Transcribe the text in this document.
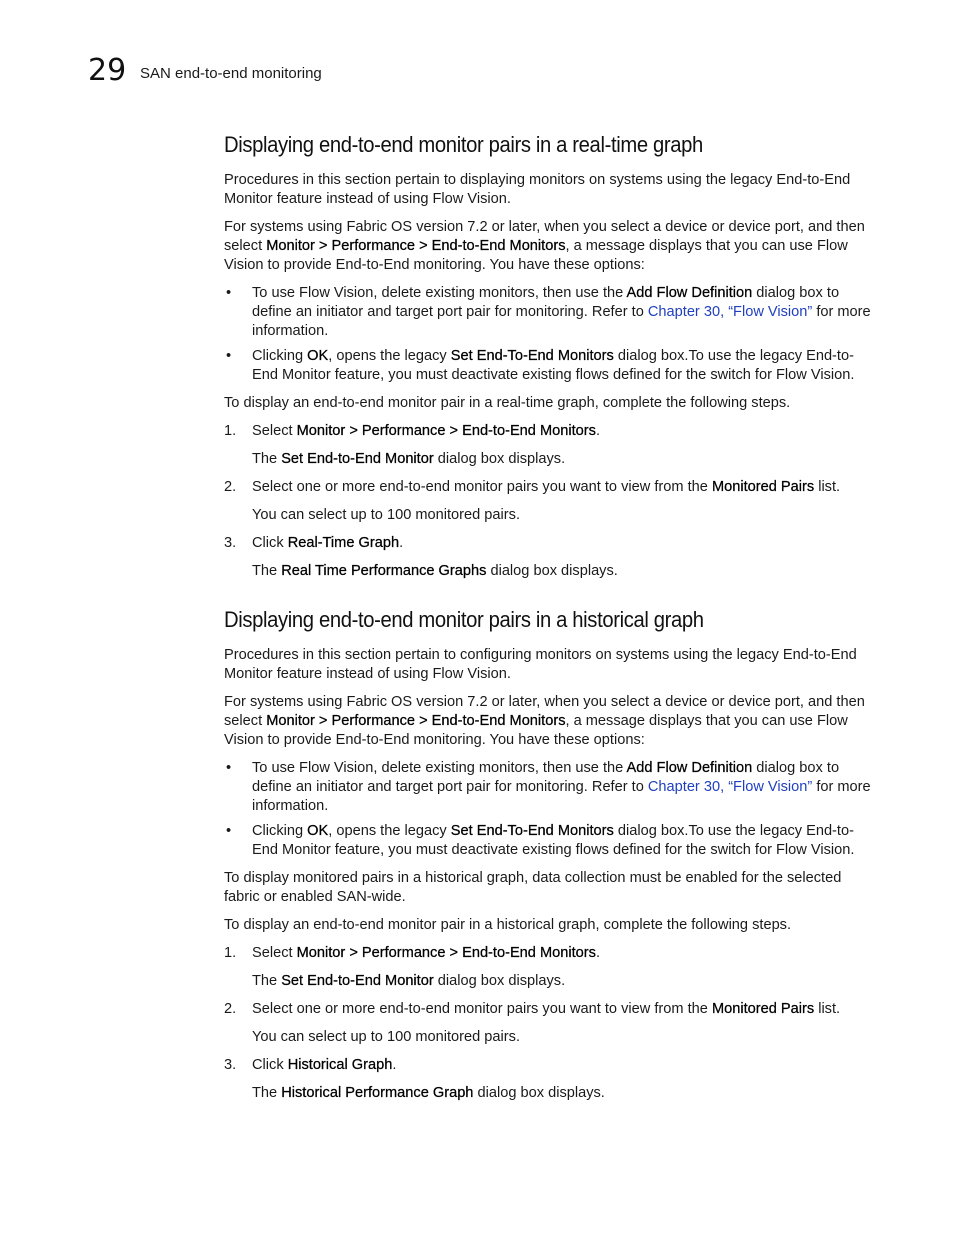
29 SAN end-to-end monitoring
Displaying end-to-end monitor pairs in a real-time graph

Procedures in this section pertain to displaying monitors on systems using the legacy End-to-End Monitor feature instead of using Flow Vision.

For systems using Fabric OS version 7.2 or later, when you select a device or device port, and then select Monitor > Performance > End-to-End Monitors, a message displays that you can use Flow Vision to provide End-to-End monitoring. You have these options:

• To use Flow Vision, delete existing monitors, then use the Add Flow Definition dialog box to define an initiator and target port pair for monitoring. Refer to Chapter 30, “Flow Vision” for more information.
• Clicking OK, opens the legacy Set End-To-End Monitors dialog box.To use the legacy End-to-End Monitor feature, you must deactivate existing flows defined for the switch for Flow Vision.

To display an end-to-end monitor pair in a real-time graph, complete the following steps.

1. Select Monitor > Performance > End-to-End Monitors.

The Set End-to-End Monitor dialog box displays.

2. Select one or more end-to-end monitor pairs you want to view from the Monitored Pairs list.

You can select up to 100 monitored pairs.

3. Click Real-Time Graph.

The Real Time Performance Graphs dialog box displays.

Displaying end-to-end monitor pairs in a historical graph

Procedures in this section pertain to configuring monitors on systems using the legacy End-to-End Monitor feature instead of using Flow Vision.

For systems using Fabric OS version 7.2 or later, when you select a device or device port, and then select Monitor > Performance > End-to-End Monitors, a message displays that you can use Flow Vision to provide End-to-End monitoring. You have these options:

• To use Flow Vision, delete existing monitors, then use the Add Flow Definition dialog box to define an initiator and target port pair for monitoring. Refer to Chapter 30, “Flow Vision” for more information.
• Clicking OK, opens the legacy Set End-To-End Monitors dialog box.To use the legacy End-to-End Monitor feature, you must deactivate existing flows defined for the switch for Flow Vision.

To display monitored pairs in a historical graph, data collection must be enabled for the selected fabric or enabled SAN-wide.

To display an end-to-end monitor pair in a historical graph, complete the following steps.

1. Select Monitor > Performance > End-to-End Monitors.

The Set End-to-End Monitor dialog box displays.

2. Select one or more end-to-end monitor pairs you want to view from the Monitored Pairs list.

You can select up to 100 monitored pairs.

3. Click Historical Graph.

The Historical Performance Graph dialog box displays.
